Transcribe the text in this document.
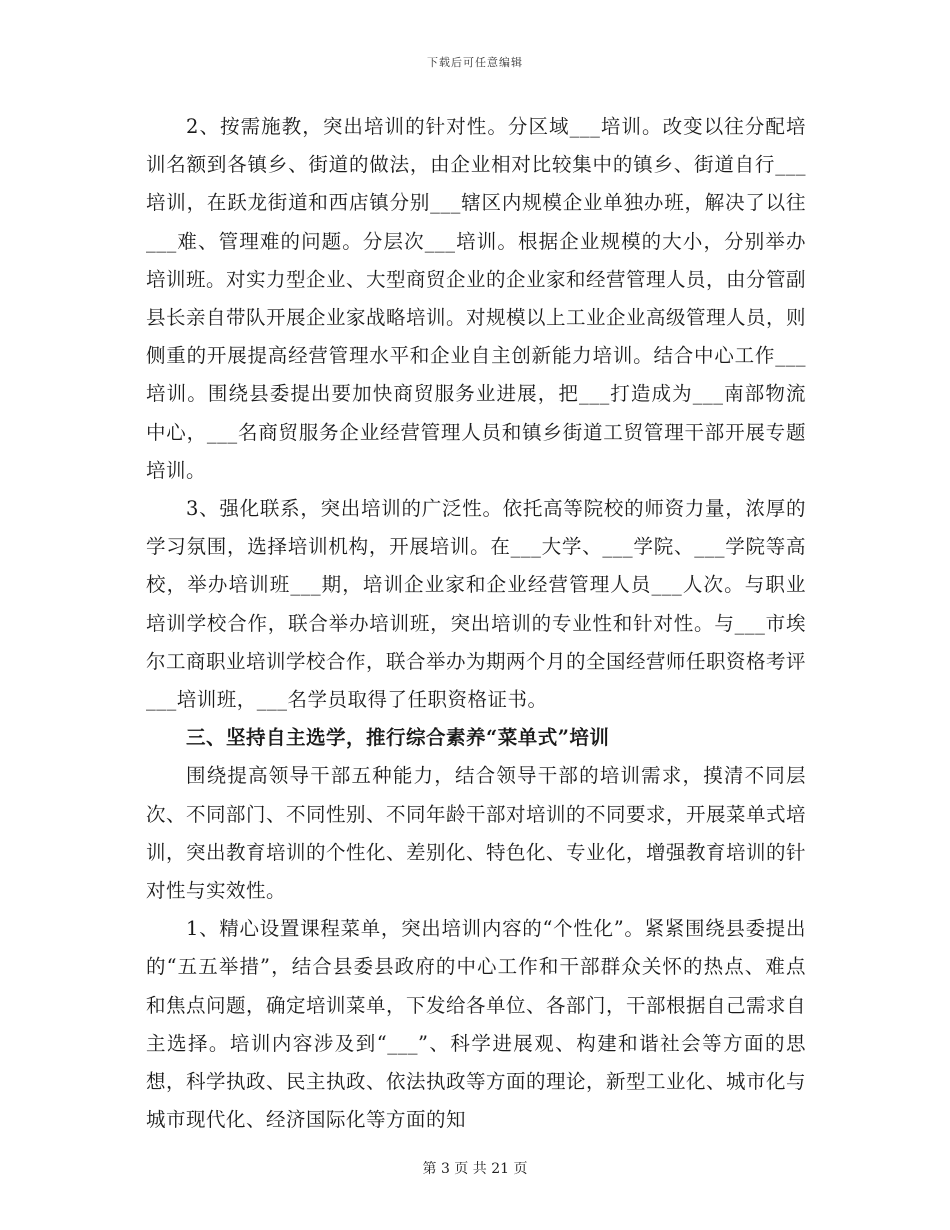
下载后可任意编辑

2、按需施教，突出培训的针对性。分区域___培训。改变以往分配培训名额到各镇乡、街道的做法，由企业相对比较集中的镇乡、街道自行___培训，在跃龙街道和西店镇分别___辖区内规模企业单独办班，解决了以往___难、管理难的问题。分层次___培训。根据企业规模的大小，分别举办培训班。对实力型企业、大型商贸企业的企业家和经营管理人员，由分管副县长亲自带队开展企业家战略培训。对规模以上工业企业高级管理人员，则侧重的开展提高经营管理水平和企业自主创新能力培训。结合中心工作___培训。围绕县委提出要加快商贸服务业进展，把___打造成为___南部物流中心，___名商贸服务企业经营管理人员和镇乡街道工贸管理干部开展专题培训。

3、强化联系，突出培训的广泛性。依托高等院校的师资力量，浓厚的学习氛围，选择培训机构，开展培训。在___大学、___学院、___学院等高校，举办培训班___期，培训企业家和企业经营管理人员___人次。与职业培训学校合作，联合举办培训班，突出培训的专业性和针对性。与___市埃尔工商职业培训学校合作，联合举办为期两个月的全国经营师任职资格考评___培训班，___名学员取得了任职资格证书。

三、坚持自主选学，推行综合素养“菜单式”培训

围绕提高领导干部五种能力，结合领导干部的培训需求，摸清不同层次、不同部门、不同性别、不同年龄干部对培训的不同要求，开展菜单式培训，突出教育培训的个性化、差别化、特色化、专业化，增强教育培训的针对性与实效性。

1、精心设置课程菜单，突出培训内容的“个性化”。紧紧围绕县委提出的“五五举措”，结合县委县政府的中心工作和干部群众关怀的热点、难点和焦点问题，确定培训菜单，下发给各单位、各部门，干部根据自己需求自主选择。培训内容涉及到“___”、科学进展观、构建和谐社会等方面的思想，科学执政、民主执政、依法执政等方面的理论，新型工业化、城市化与城市现代化、经济国际化等方面的知

第 3 页 共 21 页
